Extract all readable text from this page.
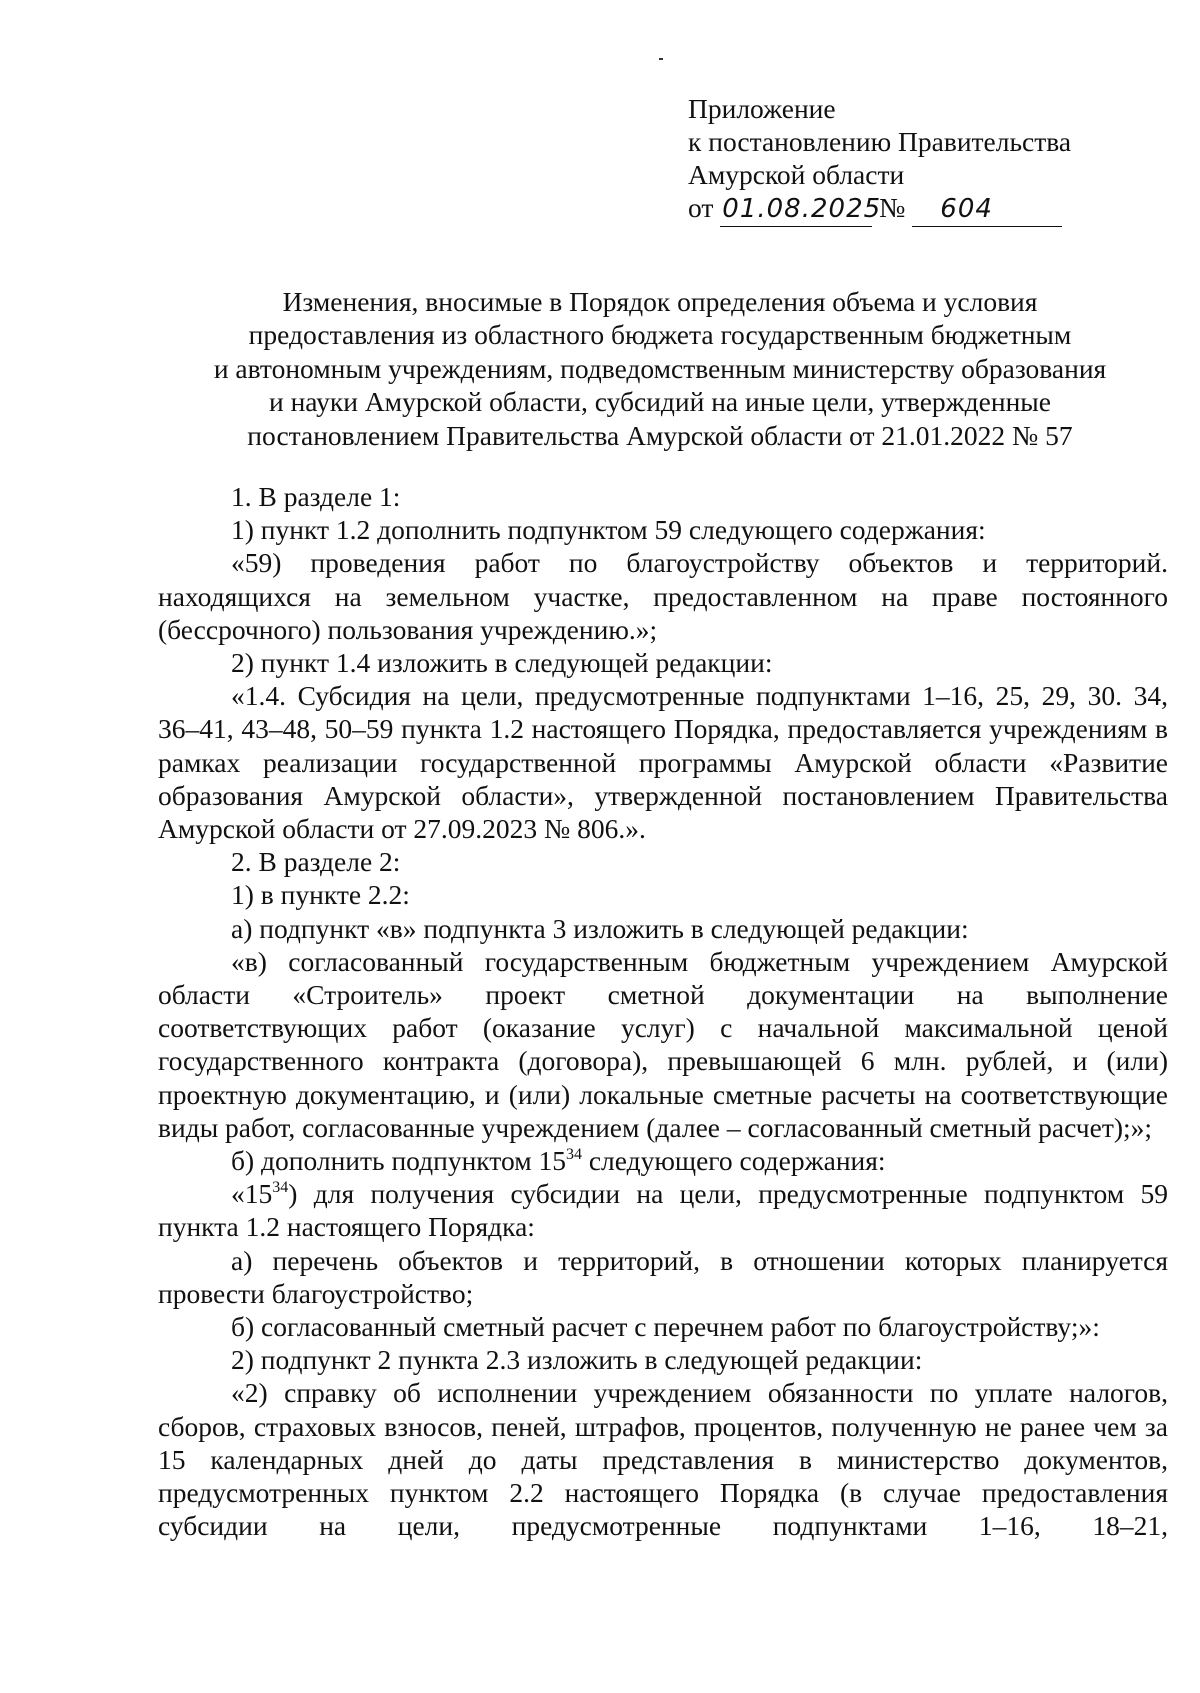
Приложение
к постановлению Правительства
Амурской области
от 01.08.2025 № 604
Изменения, вносимые в Порядок определения объема и условия
предоставления из областного бюджета государственным бюджетным
и автономным учреждениям, подведомственным министерству образования
и науки Амурской области, субсидий на иные цели, утвержденные
постановлением Правительства Амурской области от 21.01.2022 № 57

1. В разделе 1:

1) пункт 1.2 дополнить подпунктом 59 следующего содержания:

«59) проведения работ по благоустройству объектов и территорий. находящихся на земельном участке, предоставленном на праве постоянного (бессрочного) пользования учреждению.»;

2) пункт 1.4 изложить в следующей редакции:

«1.4. Субсидия на цели, предусмотренные подпунктами 1–16, 25, 29, 30. 34, 36–41, 43–48, 50–59 пункта 1.2 настоящего Порядка, предоставляется учреждениям в рамках реализации государственной программы Амурской области «Развитие образования Амурской области», утвержденной постановлением Правительства Амурской области от 27.09.2023 № 806.».

2. В разделе 2:

1) в пункте 2.2:

а) подпункт «в» подпункта 3 изложить в следующей редакции:

«в) согласованный государственным бюджетным учреждением Амурской области «Строитель» проект сметной документации на выполнение соответствующих работ (оказание услуг) с начальной максимальной ценой государственного контракта (договора), превышающей 6 млн. рублей, и (или) проектную документацию, и (или) локальные сметные расчеты на соответствующие виды работ, согласованные учреждением (далее – согласованный сметный расчет);»;

б) дополнить подпунктом $15^{34}$ следующего содержания:

«$15^{34}$) для получения субсидии на цели, предусмотренные подпунктом 59 пункта 1.2 настоящего Порядка:

а) перечень объектов и территорий, в отношении которых планируется провести благоустройство;

б) согласованный сметный расчет с перечнем работ по благоустройству;»:

2) подпункт 2 пункта 2.3 изложить в следующей редакции:

«2) справку об исполнении учреждением обязанности по уплате налогов, сборов, страховых взносов, пеней, штрафов, процентов, полученную не ранее чем за 15 календарных дней до даты представления в министерство документов, предусмотренных пунктом 2.2 настоящего Порядка (в случае предоставления субсидии на цели, предусмотренные подпунктами 1–16, 18–21,
